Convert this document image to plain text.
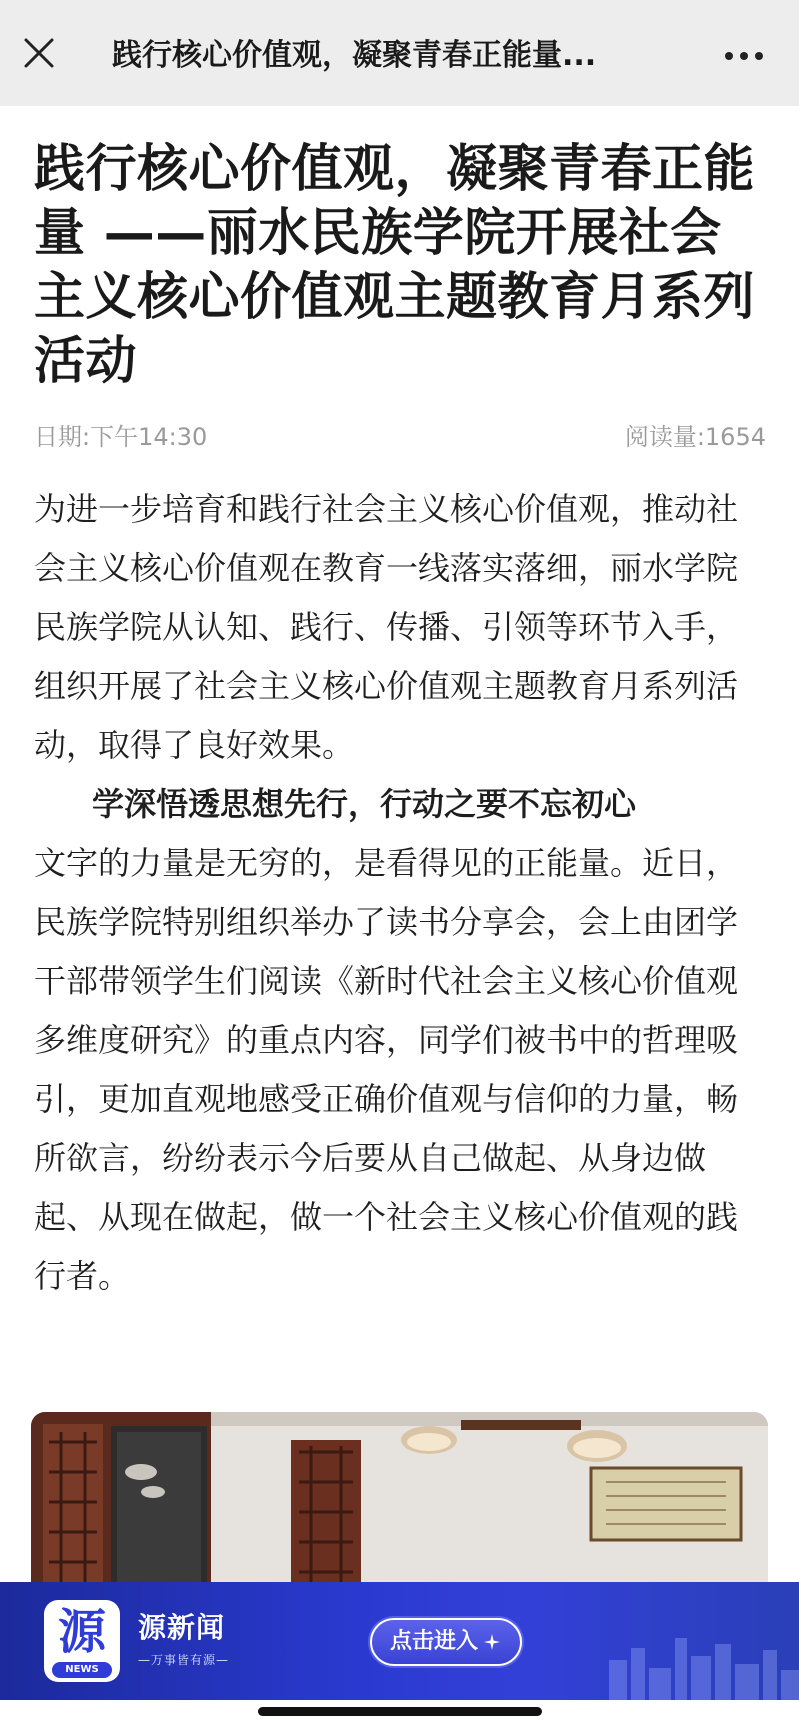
践行核心价值观，凝聚青春正能量...
践行核心价值观，凝聚青春正能量 ——丽水民族学院开展社会主义核心价值观主题教育月系列活动
日期:下午14:30	阅读量:1654

为进一步培育和践行社会主义核心价值观，推动社会主义核心价值观在教育一线落实落细，丽水学院民族学院从认知、践行、传播、引领等环节入手，组织开展了社会主义核心价值观主题教育月系列活动，取得了良好效果。

学深悟透思想先行，行动之要不忘初心

文字的力量是无穷的，是看得见的正能量。近日，民族学院特别组织举办了读书分享会，会上由团学干部带领学生们阅读《新时代社会主义核心价值观多维度研究》的重点内容，同学们被书中的哲理吸引，更加直观地感受正确价值观与信仰的力量，畅所欲言，纷纷表示今后要从自己做起、从身边做起、从现在做起，做一个社会主义核心价值观的践行者。

源
NEWS
源新闻
—万事皆有源—
点击进入
